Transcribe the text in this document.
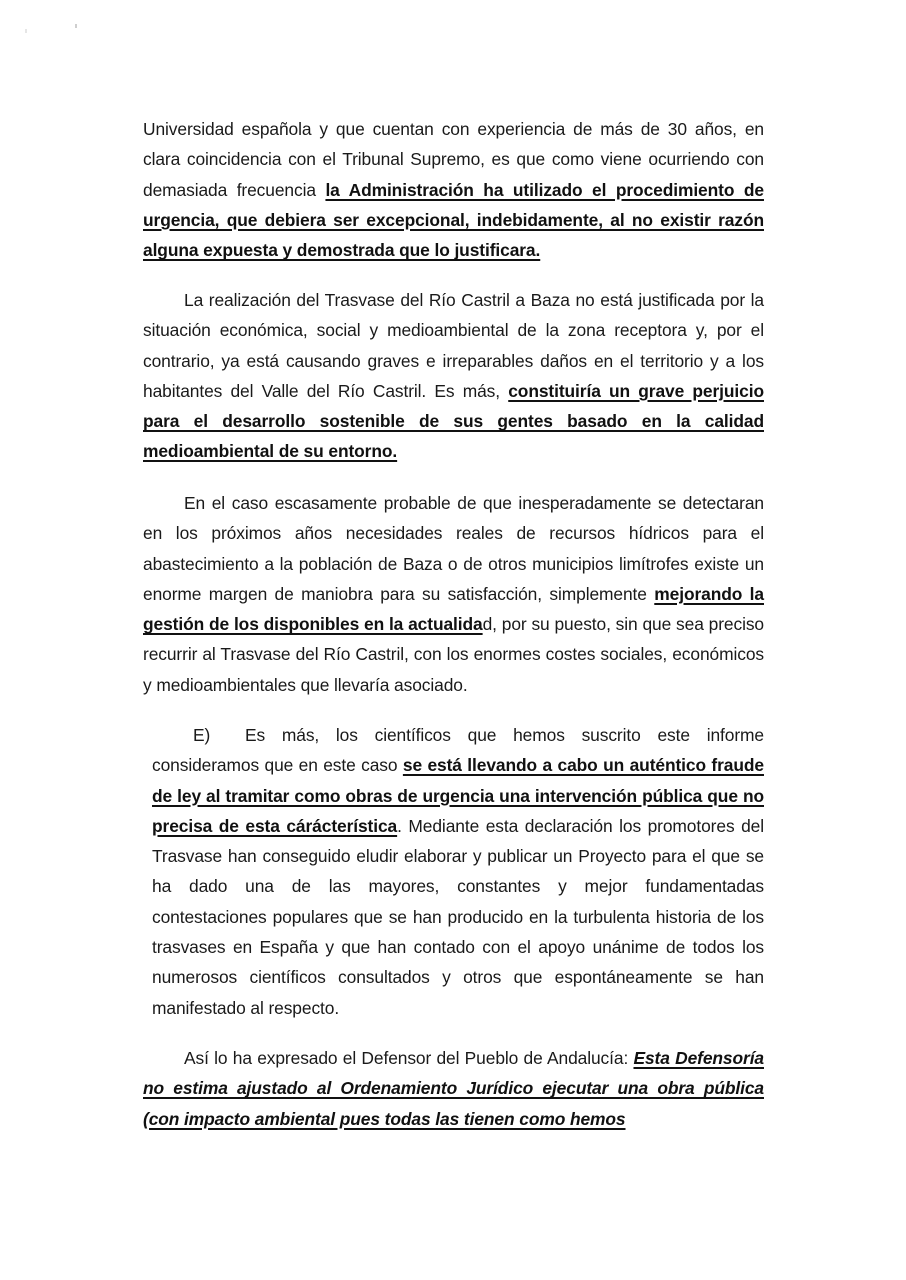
Universidad española y que cuentan con experiencia de más de 30 años, en clara coincidencia con el Tribunal Supremo, es que como viene ocurriendo con demasiada frecuencia la Administración ha utilizado el procedimiento de urgencia, que debiera ser excepcional, indebidamente, al no existir razón alguna expuesta y demostrada que lo justificara.

La realización del Trasvase del Río Castril a Baza no está justificada por la situación económica, social y medioambiental de la zona receptora y, por el contrario, ya está causando graves e irreparables daños en el territorio y a los habitantes del Valle del Río Castril. Es más, constituiría un grave perjuicio para el desarrollo sostenible de sus gentes basado en la calidad medioambiental de su entorno.

En el caso escasamente probable de que inesperadamente se detectaran en los próximos años necesidades reales de recursos hídricos para el abastecimiento a la población de Baza o de otros municipios limítrofes existe un enorme margen de maniobra para su satisfacción, simplemente mejorando la gestión de los disponibles en la actualidad, por su puesto, sin que sea preciso recurrir al Trasvase del Río Castril, con los enormes costes sociales, económicos y medioambientales que llevaría asociado.

E) Es más, los científicos que hemos suscrito este informe consideramos que en este caso se está llevando a cabo un auténtico fraude de ley al tramitar como obras de urgencia una intervención pública que no precisa de esta cárácterística. Mediante esta declaración los promotores del Trasvase han conseguido eludir elaborar y publicar un Proyecto para el que se ha dado una de las mayores, constantes y mejor fundamentadas contestaciones populares que se han producido en la turbulenta historia de los trasvases en España y que han contado con el apoyo unánime de todos los numerosos científicos consultados y otros que espontáneamente se han manifestado al respecto.

Así lo ha expresado el Defensor del Pueblo de Andalucía: Esta Defensoría no estima ajustado al Ordenamiento Jurídico ejecutar una obra pública (con impacto ambiental pues todas las tienen como hemos
